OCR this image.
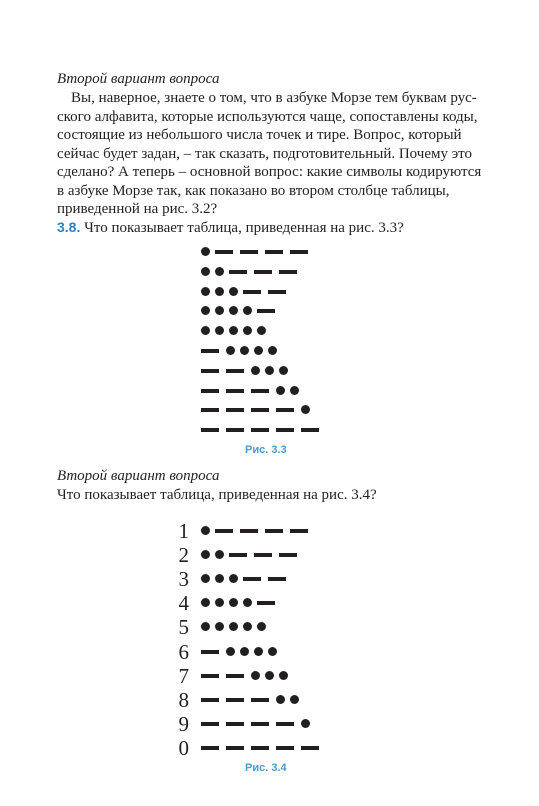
Второй вариант вопроса
Вы, наверное, знаете о том, что в азбуке Морзе тем буквам рус-
ского алфавита, которые используются чаще, сопоставлены коды,
состоящие из небольшого числа точек и тире. Вопрос, который
сейчас будет задан, – так сказать, подготовительный. Почему это
сделано? А теперь – основной вопрос: какие символы кодируются
в азбуке Морзе так, как показано во втором столбце таблицы,
приведенной на рис. 3.2?
3.8. Что показывает таблица, приведенная на рис. 3.3?
Рис. 3.3
Второй вариант вопроса
Что показывает таблица, приведенная на рис. 3.4?
1
2
3
4
5
6
7
8
9
0
Рис. 3.4
